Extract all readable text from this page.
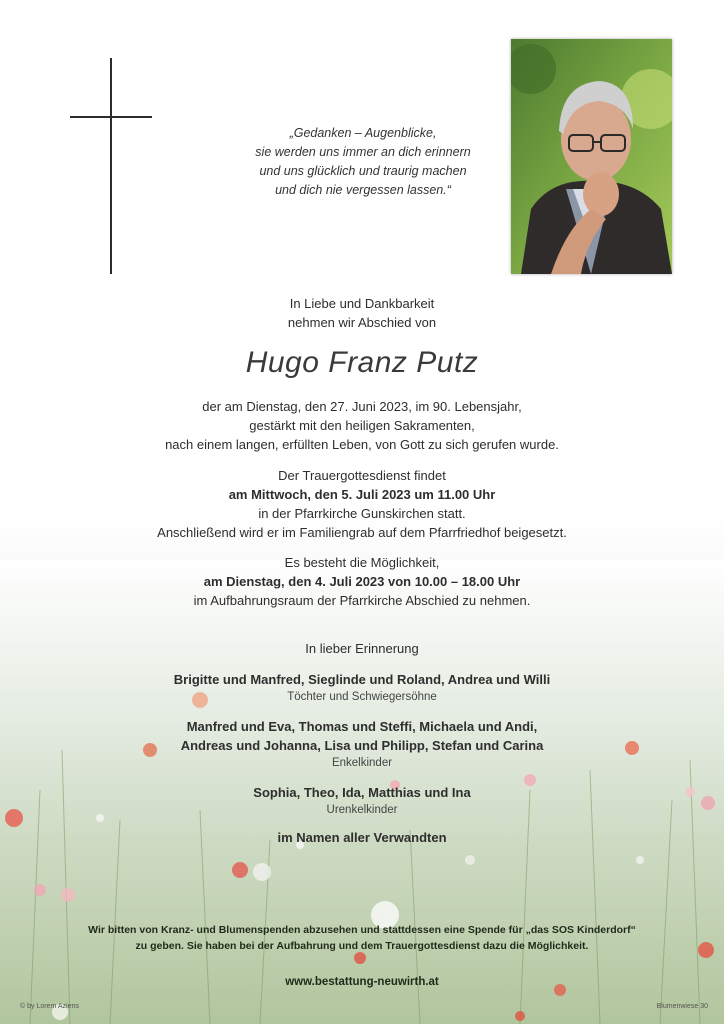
„Gedanken – Augenblicke,
sie werden uns immer an dich erinnern
und uns glücklich und traurig machen
und dich nie vergessen lassen.“
In Liebe und Dankbarkeit
nehmen wir Abschied von
Hugo Franz Putz
der am Dienstag, den 27. Juni 2023, im 90. Lebensjahr,
gestärkt mit den heiligen Sakramenten,
nach einem langen, erfüllten Leben, von Gott zu sich gerufen wurde.
Der Trauergottesdienst findet
am Mittwoch, den 5. Juli 2023 um 11.00 Uhr
in der Pfarrkirche Gunskirchen statt.
Anschließend wird er im Familiengrab auf dem Pfarrfriedhof beigesetzt.
Es besteht die Möglichkeit,
am Dienstag, den 4. Juli 2023 von 10.00 – 18.00 Uhr
im Aufbahrungsraum der Pfarrkirche Abschied zu nehmen.
In lieber Erinnerung
Brigitte und Manfred, Sieglinde und Roland, Andrea und Willi
Töchter und Schwiegersöhne
Manfred und Eva, Thomas und Steffi, Michaela und Andi,
Andreas und Johanna, Lisa und Philipp, Stefan und Carina
Enkelkinder
Sophia, Theo, Ida, Matthias und Ina
Urenkelkinder
im Namen aller Verwandten
Wir bitten von Kranz- und Blumenspenden abzusehen und stattdessen eine Spende für „das SOS Kinderdorf“
zu geben. Sie haben bei der Aufbahrung und dem Trauergottesdienst dazu die Möglichkeit.
www.bestattung-neuwirth.at
© by Lorem Aziens	Blumenwiese 30
